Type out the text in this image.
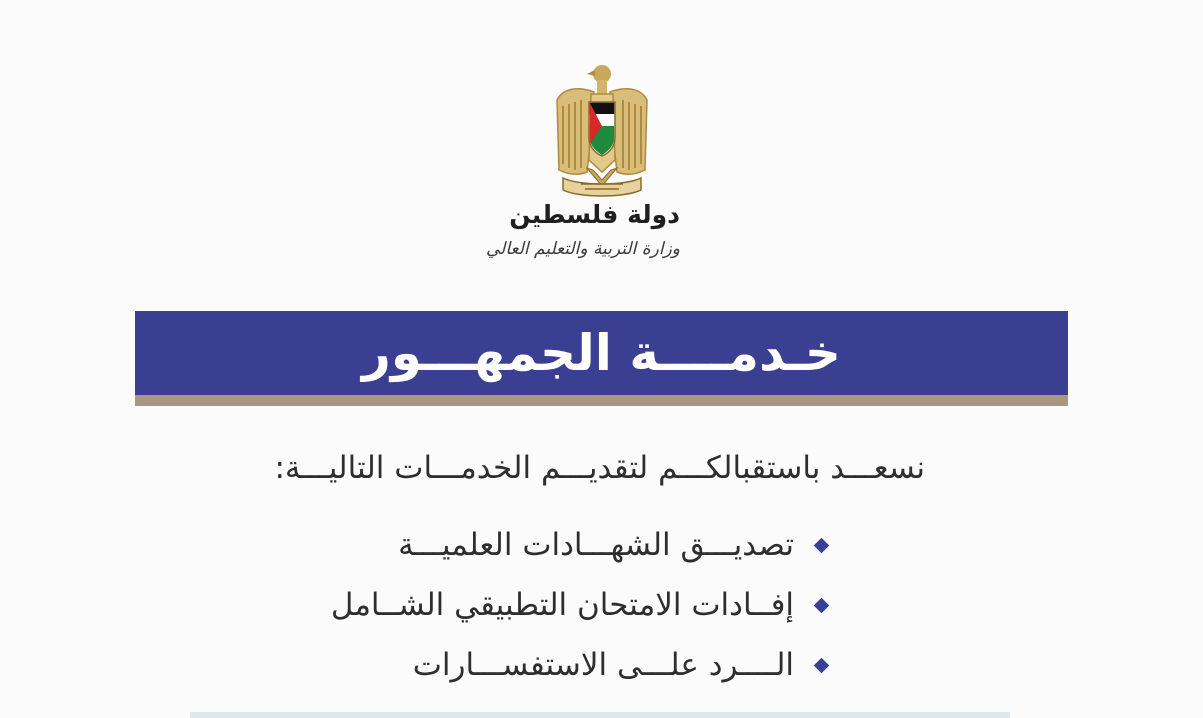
دولة فلسطين
وزارة التربية والتعليم العالي
خـدمــــة الجمهـــور
نسعـــد باستقبالكـــم لتقديـــم الخدمـــات التاليـــة:
تصديـــق الشهـــادات العلميـــة
إفــادات الامتحان التطبيقي الشــامل
الــــرد علـــى الاستفســـارات
